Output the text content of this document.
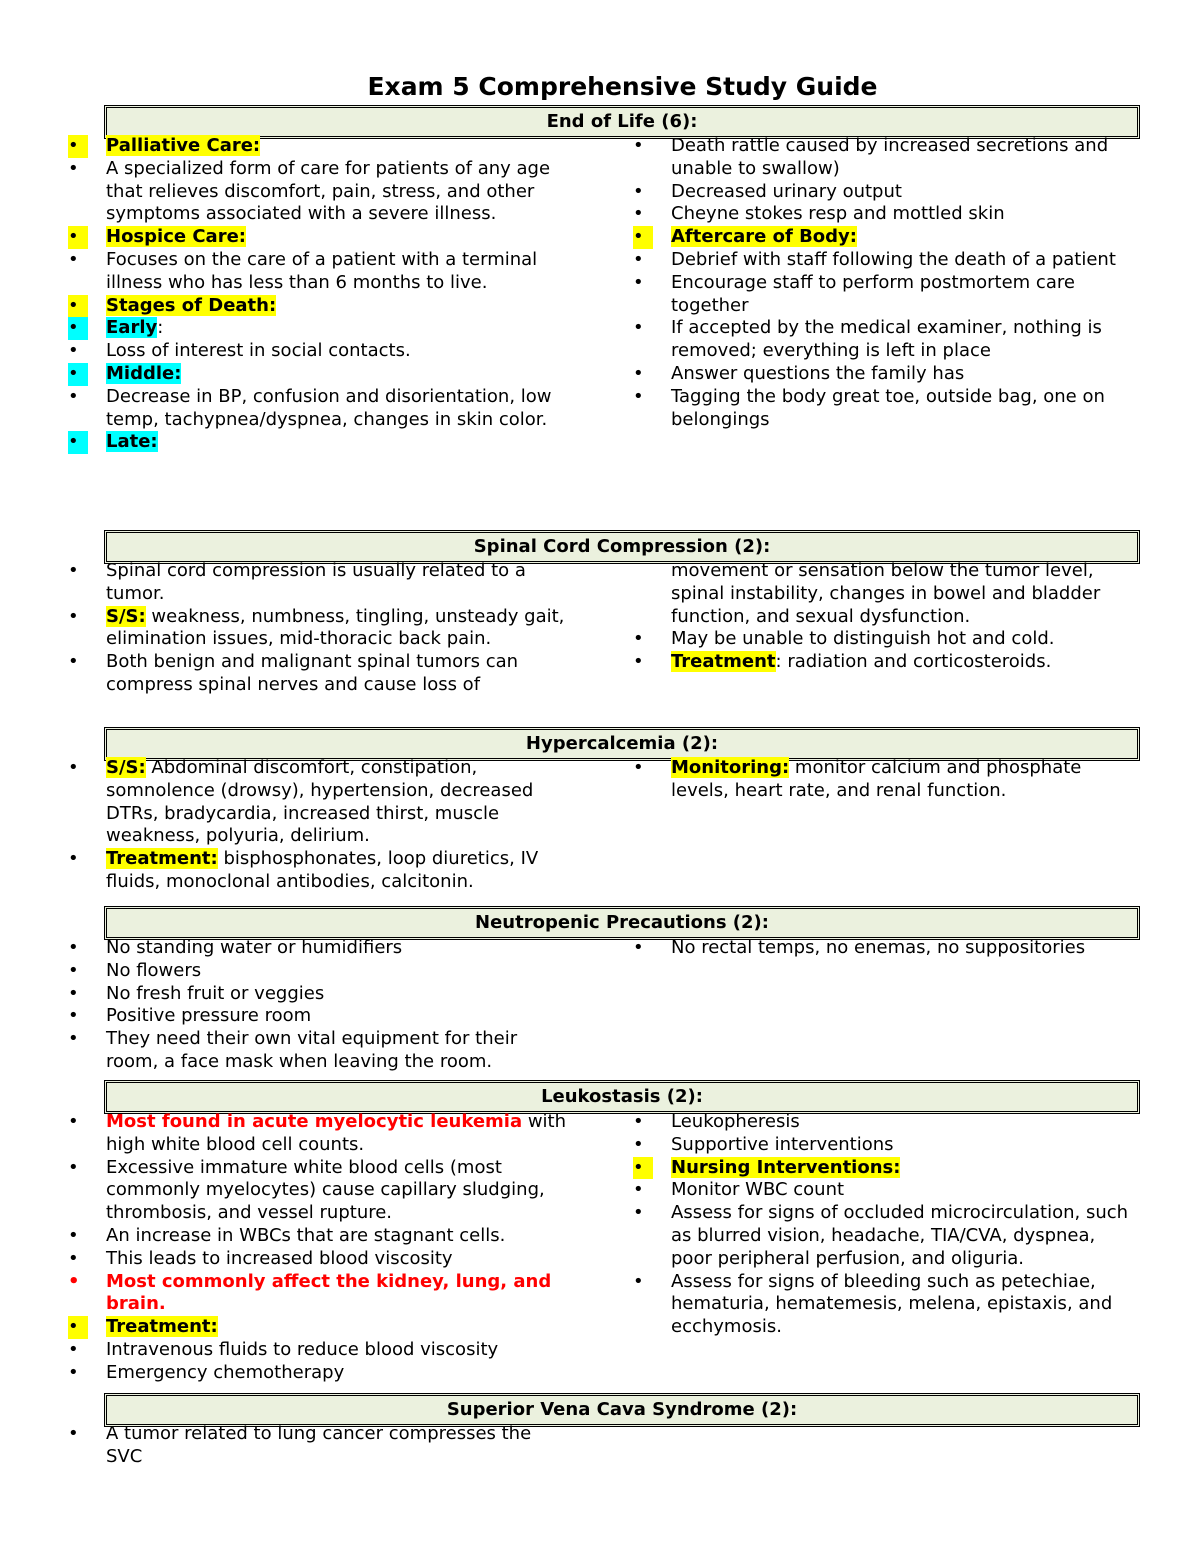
Exam 5 Comprehensive Study Guide
End of Life (6):
•	Palliative Care:
•	A specialized form of care for patients of any age that relieves discomfort, pain, stress, and other symptoms associated with a severe illness.
•	Hospice Care:
•	Focuses on the care of a patient with a terminal illness who has less than 6 months to live.
•	Stages of Death:
•	Early:
•	Loss of interest in social contacts.
•	Middle:
•	Decrease in BP, confusion and disorientation, low temp, tachypnea/dyspnea, changes in skin color.
•	Late:
•	Death rattle caused by increased secretions and unable to swallow)
•	Decreased urinary output
•	Cheyne stokes resp and mottled skin
•	Aftercare of Body:
•	Debrief with staff following the death of a patient
•	Encourage staff to perform postmortem care together
•	If accepted by the medical examiner, nothing is removed; everything is left in place
•	Answer questions the family has
•	Tagging the body great toe, outside bag, one on belongings
Spinal Cord Compression (2):
•	Spinal cord compression is usually related to a tumor.
•	S/S: weakness, numbness, tingling, unsteady gait, elimination issues, mid-thoracic back pain.
•	Both benign and malignant spinal tumors can compress spinal nerves and cause loss of
movement or sensation below the tumor level, spinal instability, changes in bowel and bladder function, and sexual dysfunction.
•	May be unable to distinguish hot and cold.
•	Treatment: radiation and corticosteroids.
Hypercalcemia (2):
•	S/S: Abdominal discomfort, constipation, somnolence (drowsy), hypertension, decreased DTRs, bradycardia, increased thirst, muscle weakness, polyuria, delirium.
•	Treatment: bisphosphonates, loop diuretics, IV fluids, monoclonal antibodies, calcitonin.
•	Monitoring: monitor calcium and phosphate levels, heart rate, and renal function.
Neutropenic Precautions (2):
•	No standing water or humidifiers
•	No flowers
•	No fresh fruit or veggies
•	Positive pressure room
•	They need their own vital equipment for their room, a face mask when leaving the room.
•	No rectal temps, no enemas, no suppositories
Leukostasis (2):
•	Most found in acute myelocytic leukemia with high white blood cell counts.
•	Excessive immature white blood cells (most commonly myelocytes) cause capillary sludging, thrombosis, and vessel rupture.
•	An increase in WBCs that are stagnant cells.
•	This leads to increased blood viscosity
•	Most commonly affect the kidney, lung, and brain.
•	Treatment:
•	Intravenous fluids to reduce blood viscosity
•	Emergency chemotherapy
•	Leukopheresis
•	Supportive interventions
•	Nursing Interventions:
•	Monitor WBC count
•	Assess for signs of occluded microcirculation, such as blurred vision, headache, TIA/CVA, dyspnea, poor peripheral perfusion, and oliguria.
•	Assess for signs of bleeding such as petechiae, hematuria, hematemesis, melena, epistaxis, and ecchymosis.
Superior Vena Cava Syndrome (2):
•	A tumor related to lung cancer compresses the SVC
